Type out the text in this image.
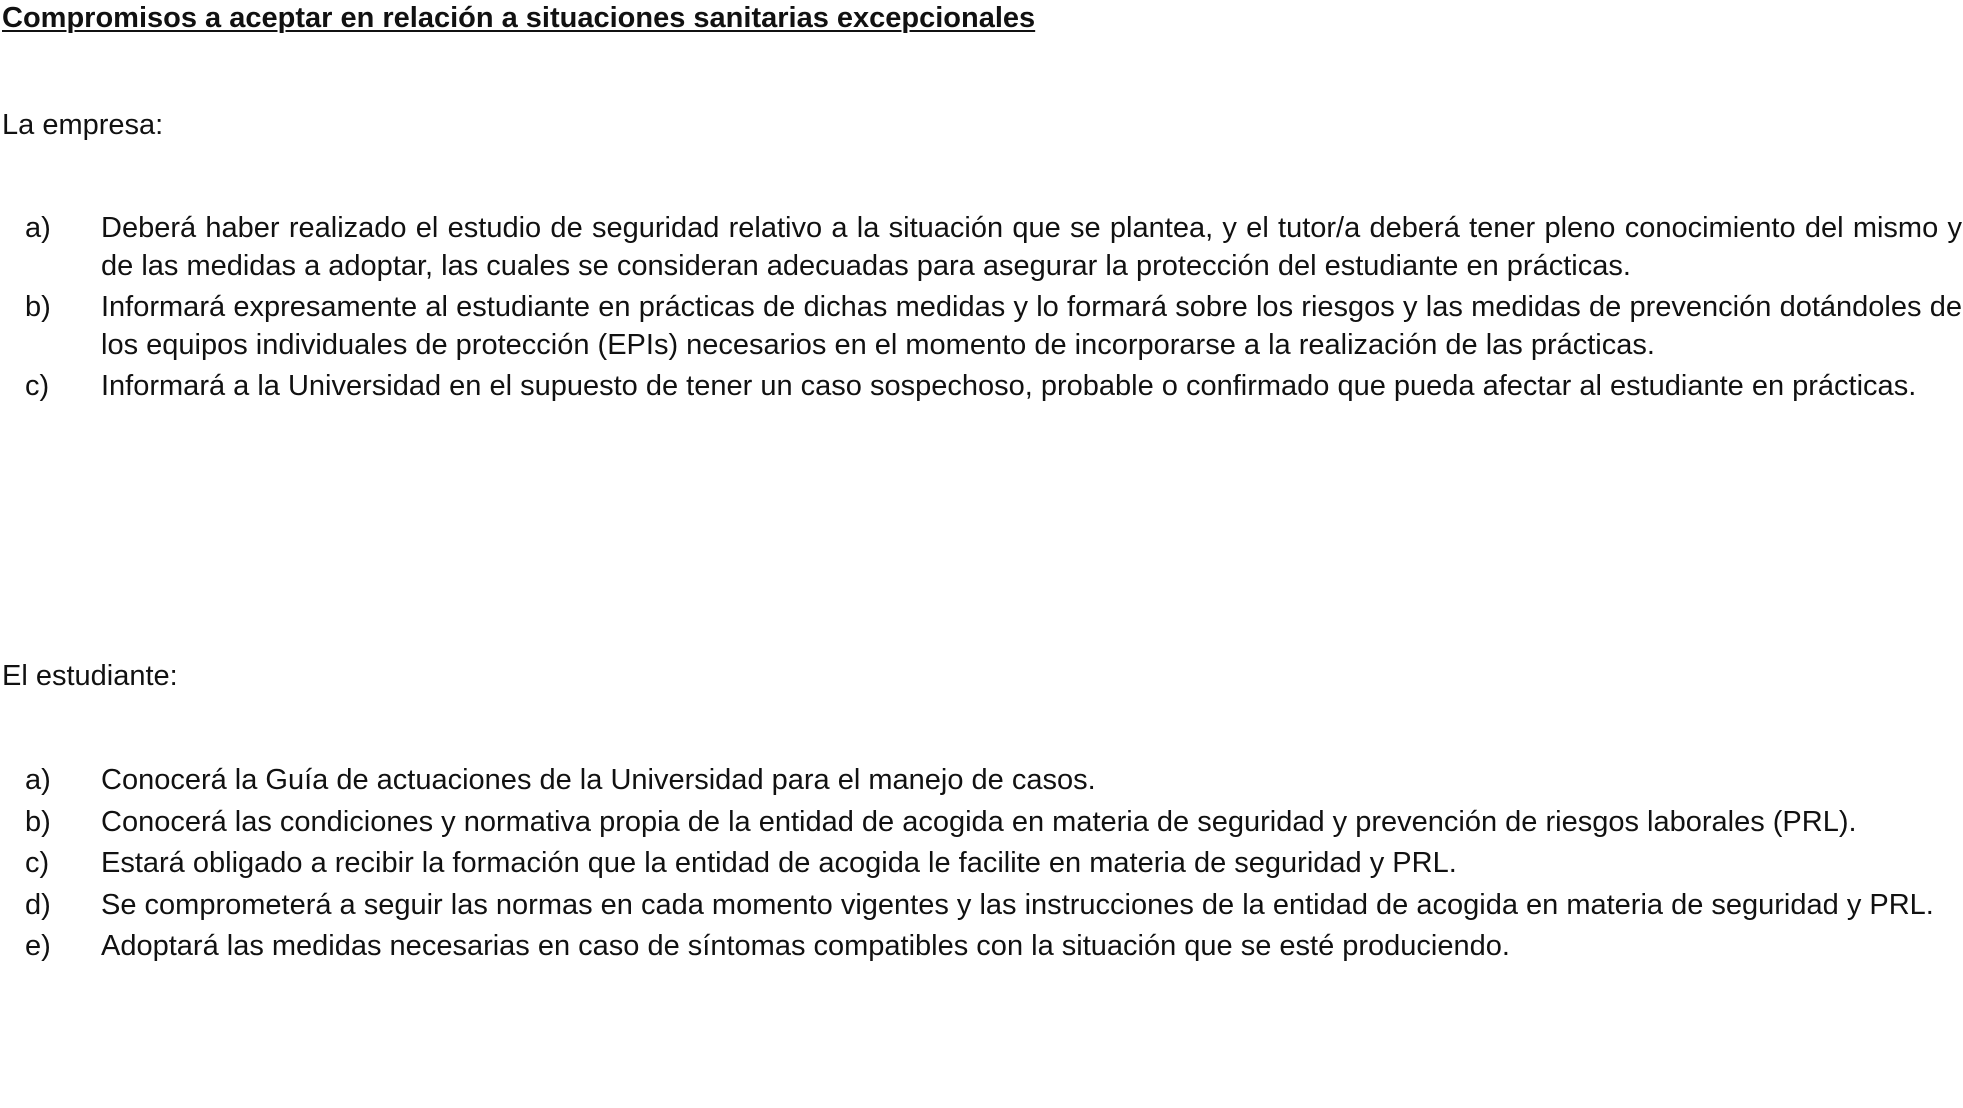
Compromisos a aceptar en relación a situaciones sanitarias excepcionales

La empresa:

a) Deberá haber realizado el estudio de seguridad relativo a la situación que se plantea, y el tutor/a deberá tener pleno conocimiento del mismo y de las medidas a adoptar, las cuales se consideran adecuadas para asegurar la protección del estudiante en prácticas.
b) Informará expresamente al estudiante en prácticas de dichas medidas y lo formará sobre los riesgos y las medidas de prevención dotándoles de los equipos individuales de protección (EPIs) necesarios en el momento de incorporarse a la realización de las prácticas.
c) Informará a la Universidad en el supuesto de tener un caso sospechoso, probable o confirmado que pueda afectar al estudiante en prácticas.

El estudiante:

a) Conocerá la Guía de actuaciones de la Universidad para el manejo de casos.
b) Conocerá las condiciones y normativa propia de la entidad de acogida en materia de seguridad y prevención de riesgos laborales (PRL).
c) Estará obligado a recibir la formación que la entidad de acogida le facilite en materia de seguridad y PRL.
d) Se comprometerá a seguir las normas en cada momento vigentes y las instrucciones de la entidad de acogida en materia de seguridad y PRL.
e) Adoptará las medidas necesarias en caso de síntomas compatibles con la situación que se esté produciendo.
